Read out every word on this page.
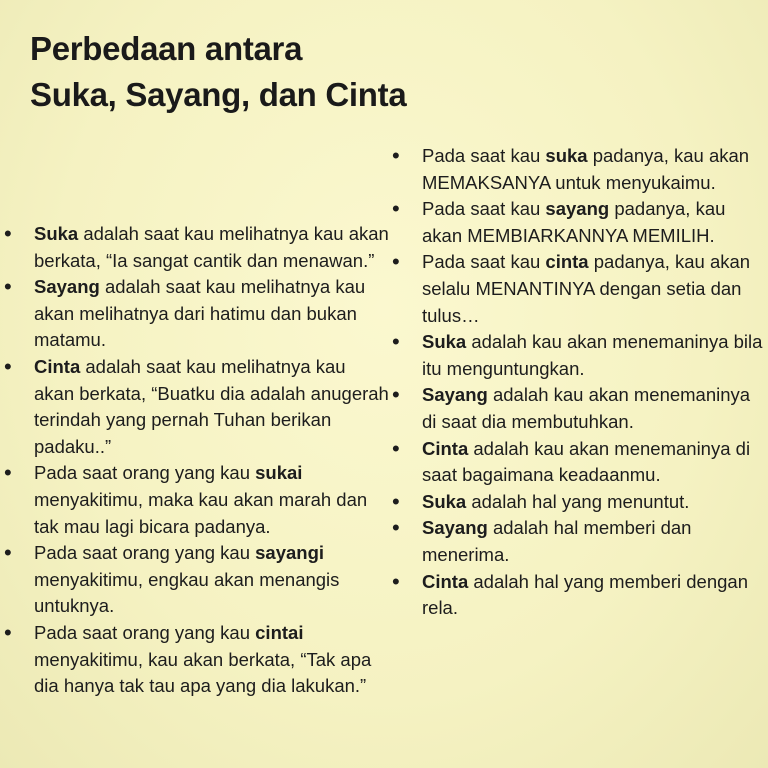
Perbedaan antara
Suka, Sayang, dan Cinta
• Suka adalah saat kau melihatnya kau akan berkata, “Ia sangat cantik dan menawan.”
• Sayang adalah saat kau melihatnya kau akan melihatnya dari hatimu dan bukan matamu.
• Cinta adalah saat kau melihatnya kau akan berkata, “Buatku dia adalah anugerah terindah yang pernah Tuhan berikan padaku..”
• Pada saat orang yang kau sukai menyakitimu, maka kau akan marah dan tak mau lagi bicara padanya.
• Pada saat orang yang kau sayangi menyakitimu, engkau akan menangis untuknya.
• Pada saat orang yang kau cintai menyakitimu, kau akan berkata, “Tak apa dia hanya tak tau apa yang dia lakukan.”
• Pada saat kau suka padanya, kau akan MEMAKSANYA untuk menyukaimu.
• Pada saat kau sayang padanya, kau akan MEMBIARKANNYA MEMILIH.
• Pada saat kau cinta padanya, kau akan selalu MENANTINYA dengan setia dan tulus…
• Suka adalah kau akan menemaninya bila itu menguntungkan.
• Sayang adalah kau akan menemaninya di saat dia membutuhkan.
• Cinta adalah kau akan menemaninya di saat bagaimana keadaanmu.
• Suka adalah hal yang menuntut.
• Sayang adalah hal memberi dan menerima.
• Cinta adalah hal yang memberi dengan rela.
